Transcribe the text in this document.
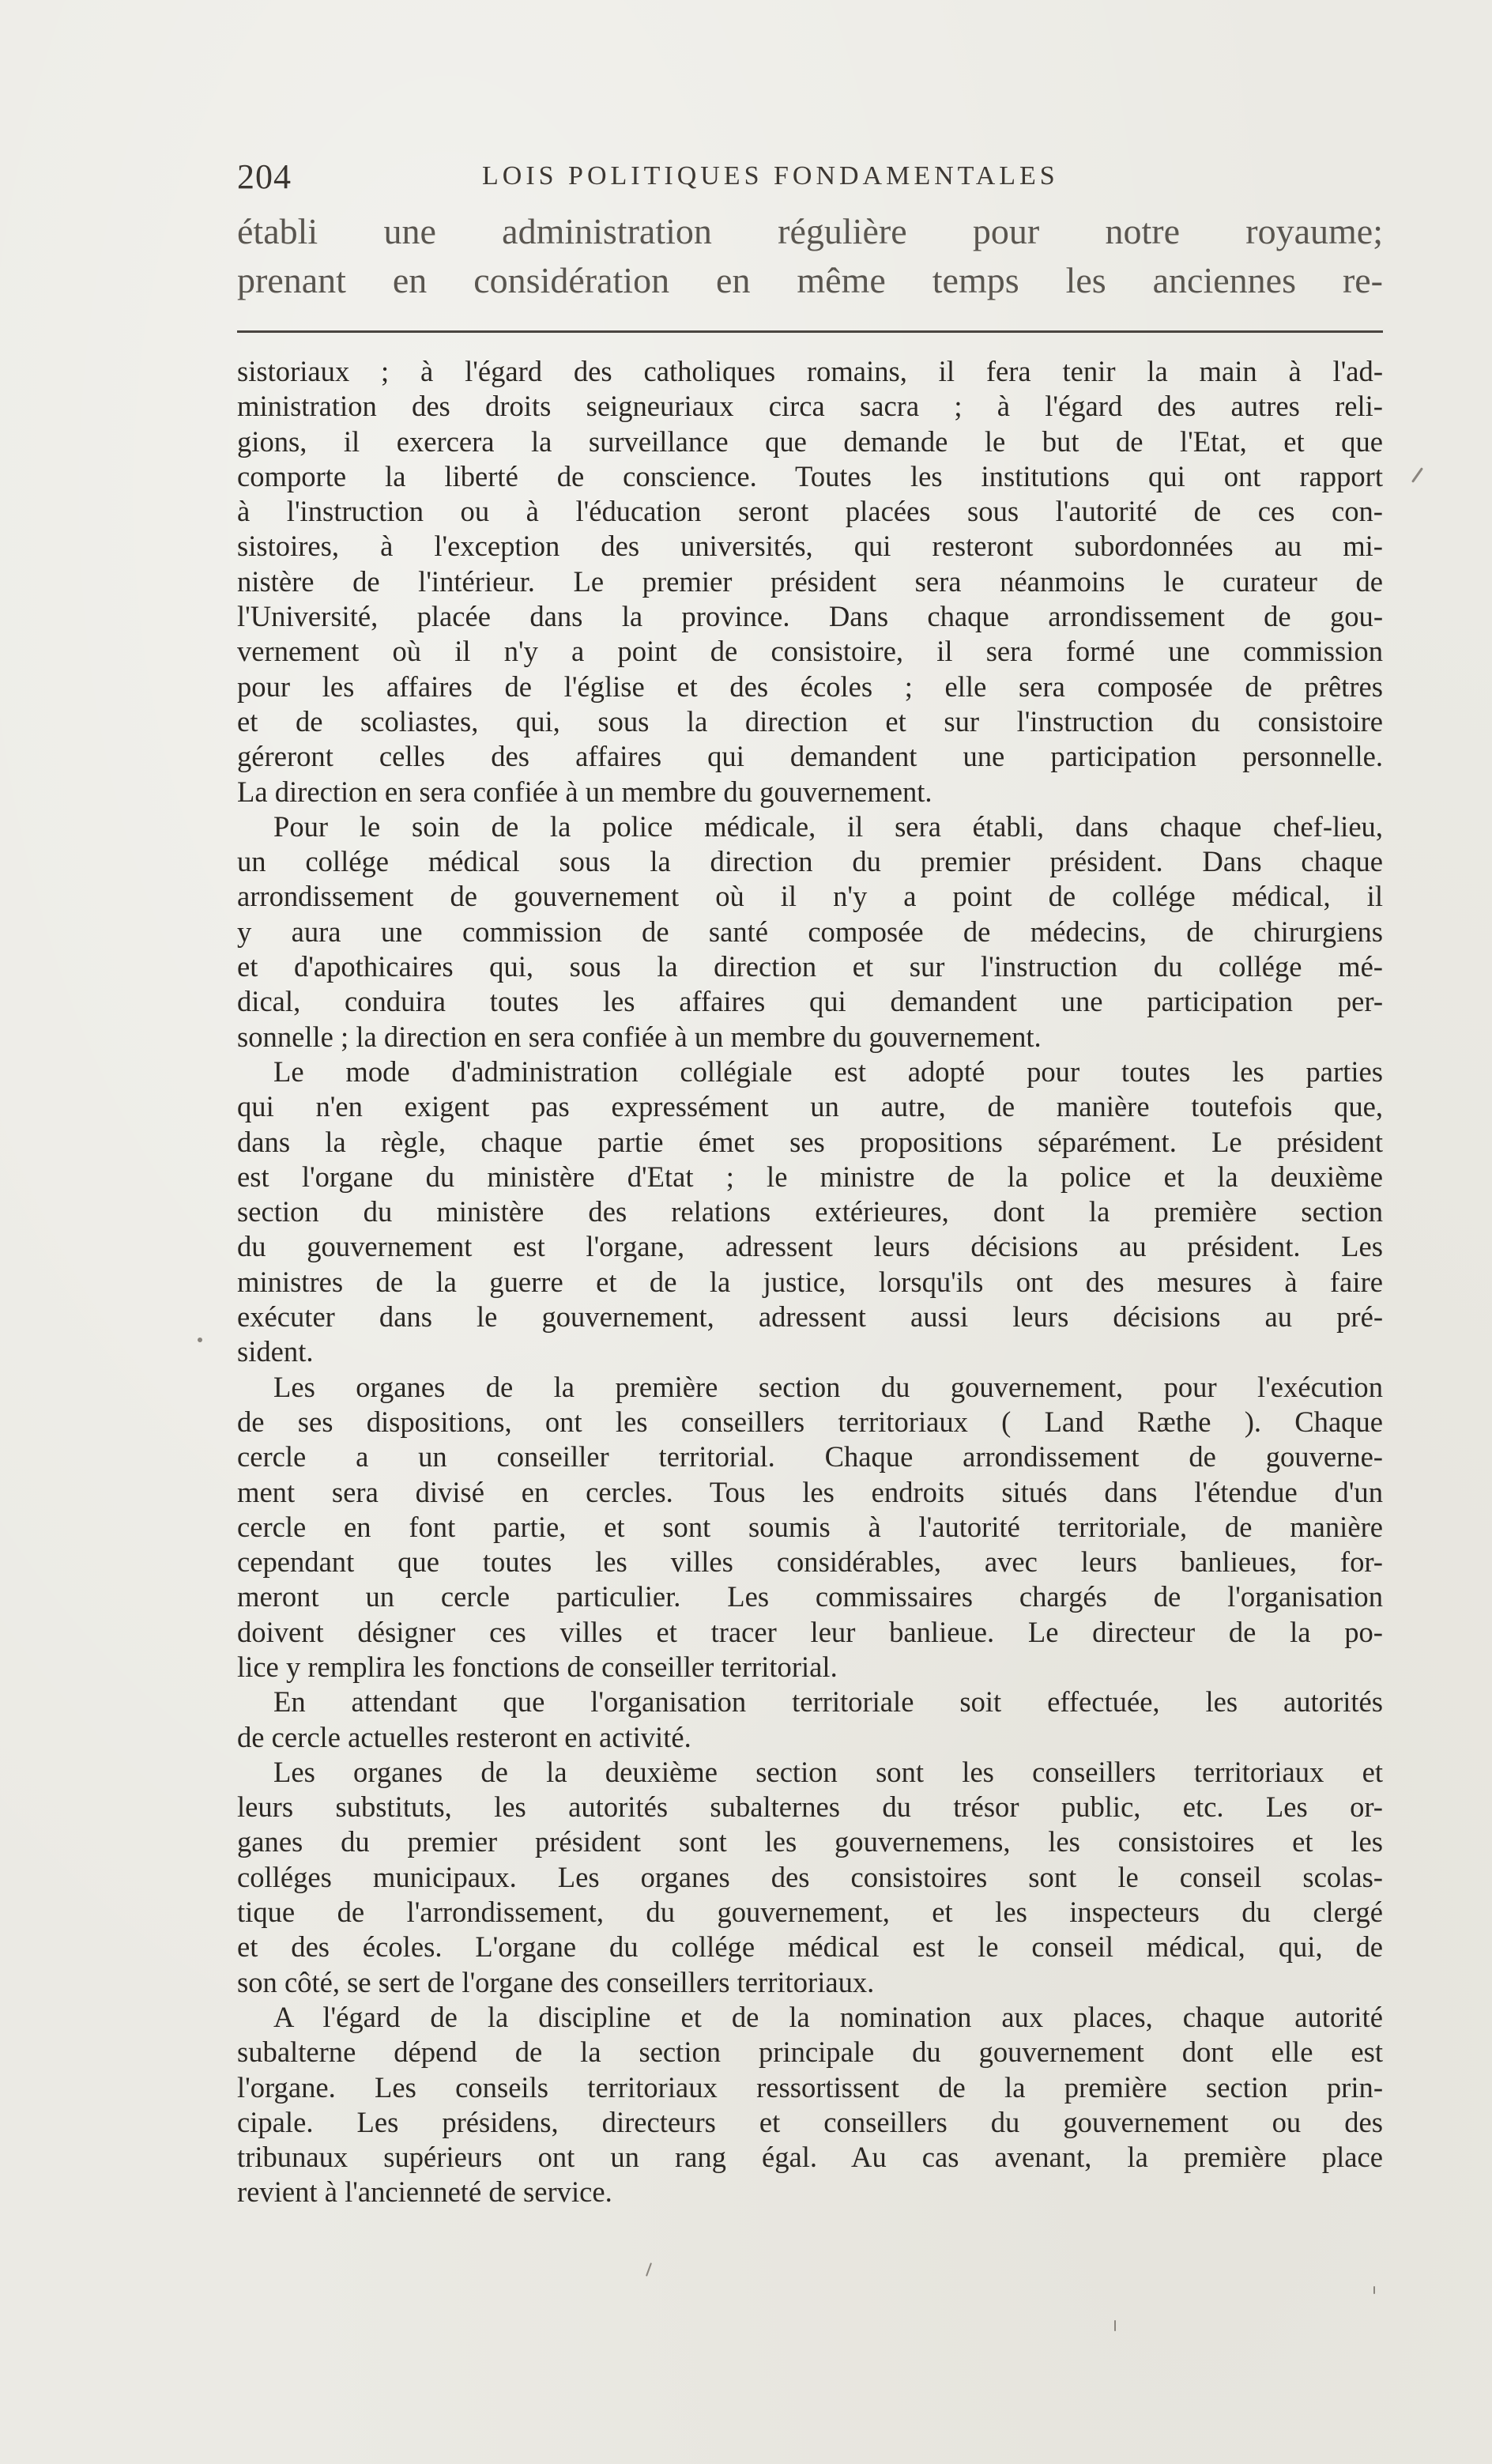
204	LOIS POLITIQUES FONDAMENTALES
établi une administration régulière pour notre royaume;
prenant en considération en même temps les anciennes re-
sistoriaux ; à l'égard des catholiques romains, il fera tenir la main à l'ad-
ministration des droits seigneuriaux circa sacra ; à l'égard des autres reli-
gions, il exercera la surveillance que demande le but de l'Etat, et que
comporte la liberté de conscience. Toutes les institutions qui ont rapport
à l'instruction ou à l'éducation seront placées sous l'autorité de ces con-
sistoires, à l'exception des universités, qui resteront subordonnées au mi-
nistère de l'intérieur. Le premier président sera néanmoins le curateur de
l'Université, placée dans la province. Dans chaque arrondissement de gou-
vernement où il n'y a point de consistoire, il sera formé une commission
pour les affaires de l'église et des écoles ; elle sera composée de prêtres
et de scoliastes, qui, sous la direction et sur l'instruction du consistoire
géreront celles des affaires qui demandent une participation personnelle.
La direction en sera confiée à un membre du gouvernement.
Pour le soin de la police médicale, il sera établi, dans chaque chef-lieu,
un collége médical sous la direction du premier président. Dans chaque
arrondissement de gouvernement où il n'y a point de collége médical, il
y aura une commission de santé composée de médecins, de chirurgiens
et d'apothicaires qui, sous la direction et sur l'instruction du collége mé-
dical, conduira toutes les affaires qui demandent une participation per-
sonnelle ; la direction en sera confiée à un membre du gouvernement.
Le mode d'administration collégiale est adopté pour toutes les parties
qui n'en exigent pas expressément un autre, de manière toutefois que,
dans la règle, chaque partie émet ses propositions séparément. Le président
est l'organe du ministère d'Etat ; le ministre de la police et la deuxième
section du ministère des relations extérieures, dont la première section
du gouvernement est l'organe, adressent leurs décisions au président. Les
ministres de la guerre et de la justice, lorsqu'ils ont des mesures à faire
exécuter dans le gouvernement, adressent aussi leurs décisions au pré-
sident.
Les organes de la première section du gouvernement, pour l'exécution
de ses dispositions, ont les conseillers territoriaux ( Land Ræthe ). Chaque
cercle a un conseiller territorial. Chaque arrondissement de gouverne-
ment sera divisé en cercles. Tous les endroits situés dans l'étendue d'un
cercle en font partie, et sont soumis à l'autorité territoriale, de manière
cependant que toutes les villes considérables, avec leurs banlieues, for-
meront un cercle particulier. Les commissaires chargés de l'organisation
doivent désigner ces villes et tracer leur banlieue. Le directeur de la po-
lice y remplira les fonctions de conseiller territorial.
En attendant que l'organisation territoriale soit effectuée, les autorités
de cercle actuelles resteront en activité.
Les organes de la deuxième section sont les conseillers territoriaux et
leurs substituts, les autorités subalternes du trésor public, etc. Les or-
ganes du premier président sont les gouvernemens, les consistoires et les
colléges municipaux. Les organes des consistoires sont le conseil scolas-
tique de l'arrondissement, du gouvernement, et les inspecteurs du clergé
et des écoles. L'organe du collége médical est le conseil médical, qui, de
son côté, se sert de l'organe des conseillers territoriaux.
A l'égard de la discipline et de la nomination aux places, chaque autorité
subalterne dépend de la section principale du gouvernement dont elle est
l'organe. Les conseils territoriaux ressortissent de la première section prin-
cipale. Les présidens, directeurs et conseillers du gouvernement ou des
tribunaux supérieurs ont un rang égal. Au cas avenant, la première place
revient à l'ancienneté de service.
